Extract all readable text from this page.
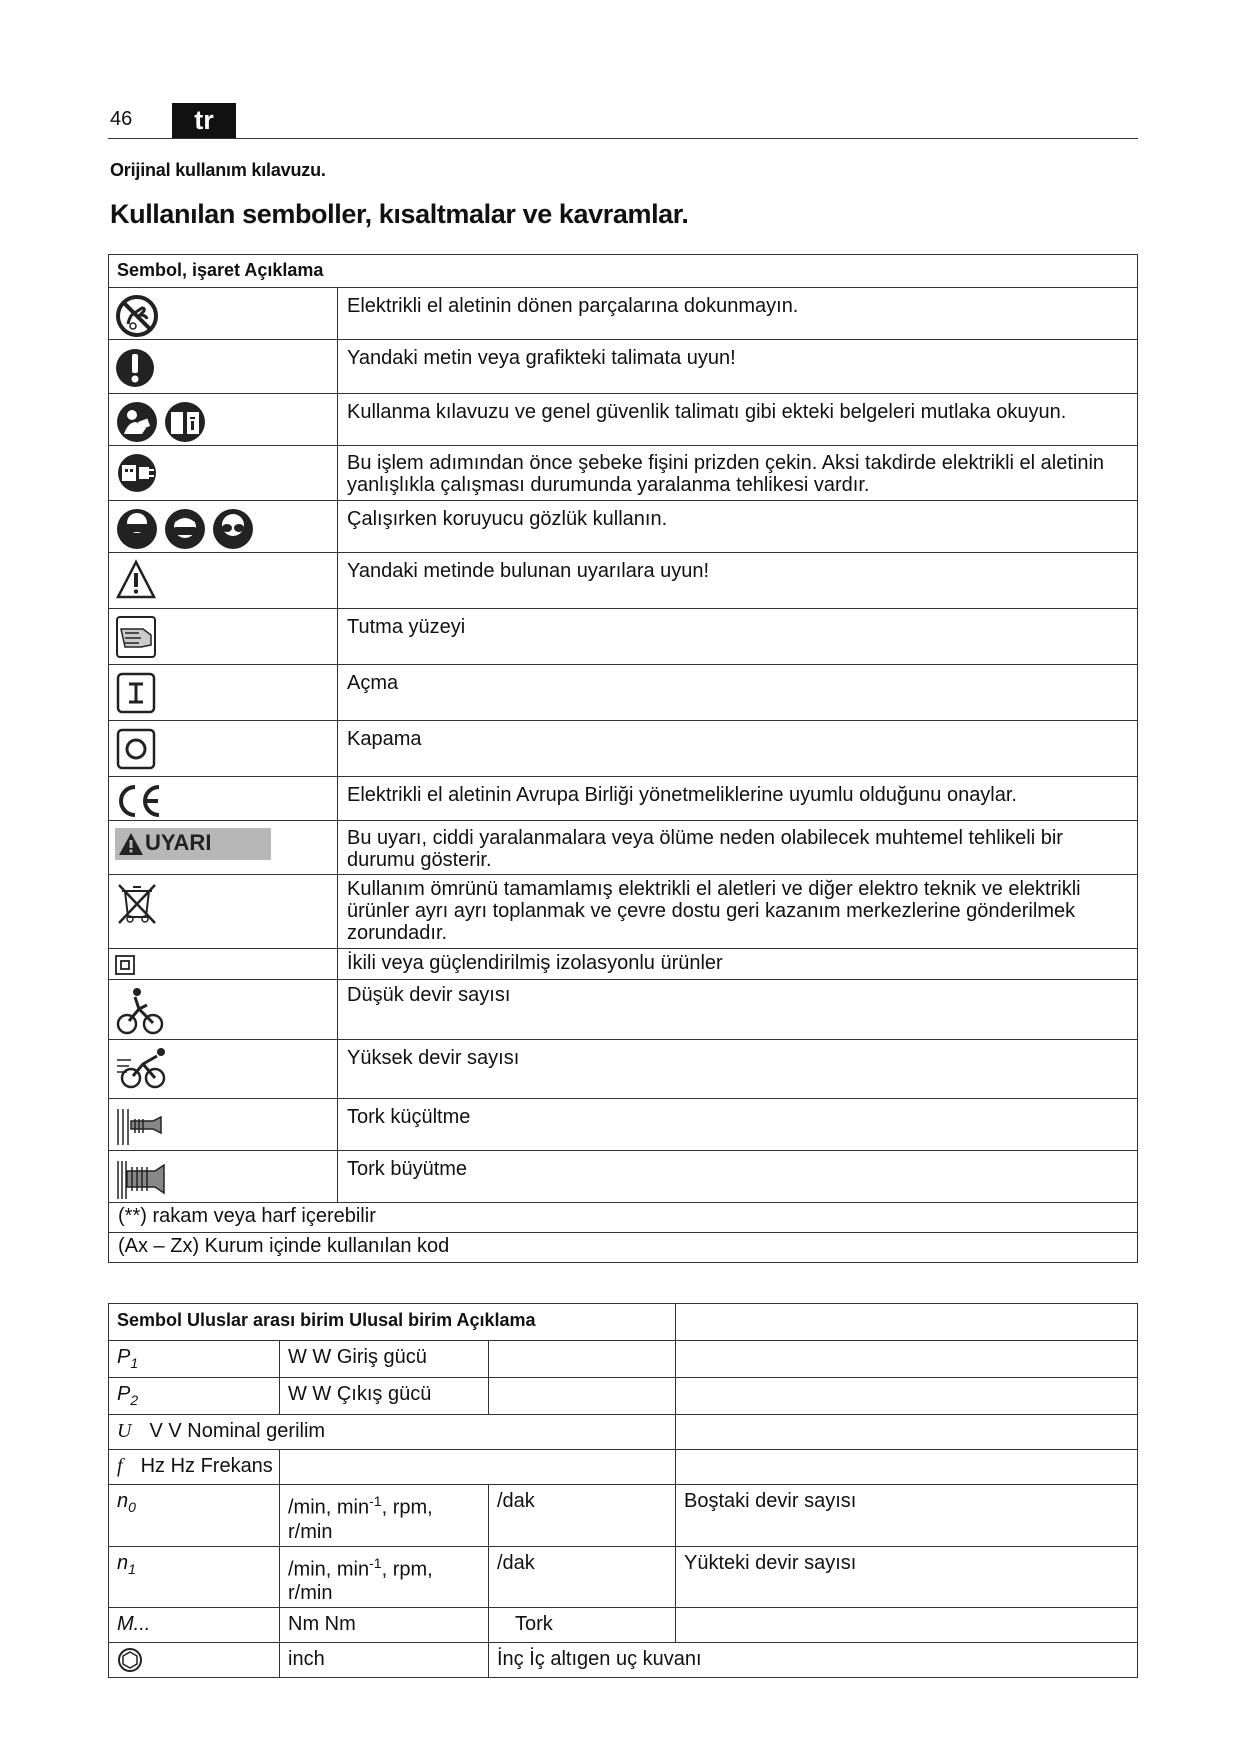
46	tr
Orijinal kullanım kılavuzu.
Kullanılan semboller, kısaltmalar ve kavramlar.
Sembol, işaret Açıklama	

	Elektrikli el aletinin dönen parçalarına dokunmayın.

	Yandaki metin veya grafikteki talimata uyun!

	Kullanma kılavuzu ve genel güvenlik talimatı gibi ekteki belgeleri mutlaka okuyun.

	Bu işlem adımından önce şebeke fişini prizden çekin. Aksi takdirde elektrikli el aletinin yanlışlıkla çalışması durumunda yaralanma tehlikesi vardır.

	Çalışırken koruyucu gözlük kullanın.

	Yandaki metinde bulunan uyarılara uyun!

	Tutma yüzeyi

	Açma

	Kapama

	Elektrikli el aletinin Avrupa Birliği yönetmeliklerine uyumlu olduğunu onaylar.

UYARI	Bu uyarı, ciddi yaralanmalara veya ölüme neden olabilecek muhtemel tehlikeli bir durumu gösterir.

	Kullanım ömrünü tamamlamış elektrikli el aletleri ve diğer elektro teknik ve elektrikli ürünler ayrı ayrı toplanmak ve çevre dostu geri kazanım merkezlerine gönderilmek zorundadır.

	İkili veya güçlendirilmiş izolasyonlu ürünler

	Düşük devir sayısı

	Yüksek devir sayısı

	Tork küçültme

	Tork büyütme
(**) rakam veya harf içerebilir	
(Ax – Zx) Kurum içinde kullanılan kod	
Sembol Uluslar arası birim Ulusal birim Açıklama			
$P_1$	W W Giriş gücü		
$P_2$	W W Çıkış gücü		
U V V Nominal gerilim			
f Hz Hz Frekans			
$n_0$	/min, $\min^{-1}$, rpm, r/min	/dak	Boştaki devir sayısı
$n_1$	/min, $\min^{-1}$, rpm, r/min	/dak	Yükteki devir sayısı
M...	Nm Nm	Tork	

	inch	İnç İç altıgen uç kuvanı	
